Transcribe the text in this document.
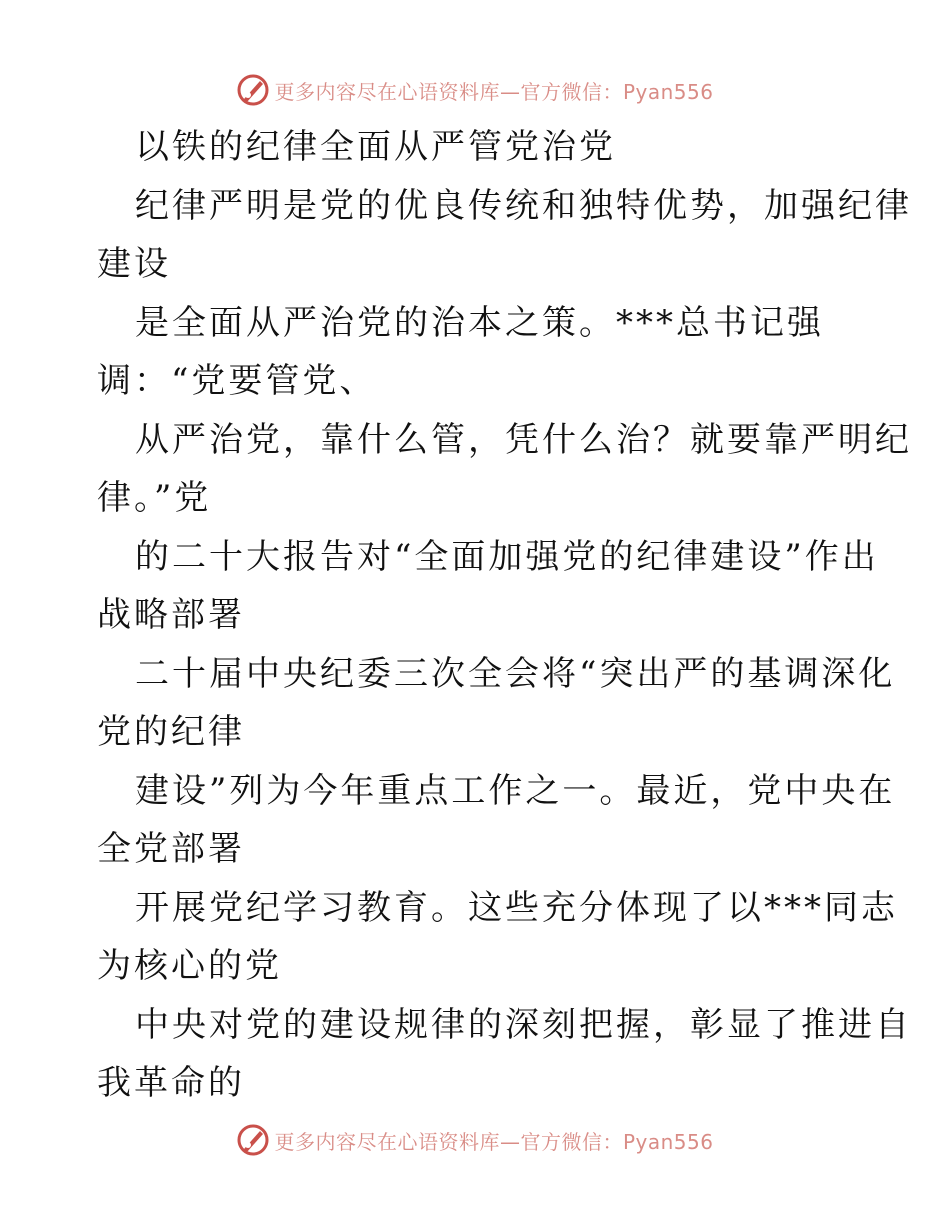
更多内容尽在心语资料库—官方微信：Pyan556
以铁的纪律全面从严管党治党
纪律严明是党的优良传统和独特优势，加强纪律
建设
是全面从严治党的治本之策。***总书记强
调：“党要管党、
从严治党，靠什么管，凭什么治？就要靠严明纪
律。”党
的二十大报告对“全面加强党的纪律建设”作出
战略部署
二十届中央纪委三次全会将“突出严的基调深化
党的纪律
建设”列为今年重点工作之一。最近，党中央在
全党部署
开展党纪学习教育。这些充分体现了以***同志
为核心的党
中央对党的建设规律的深刻把握，彰显了推进自
我革命的
更多内容尽在心语资料库—官方微信：Pyan556
